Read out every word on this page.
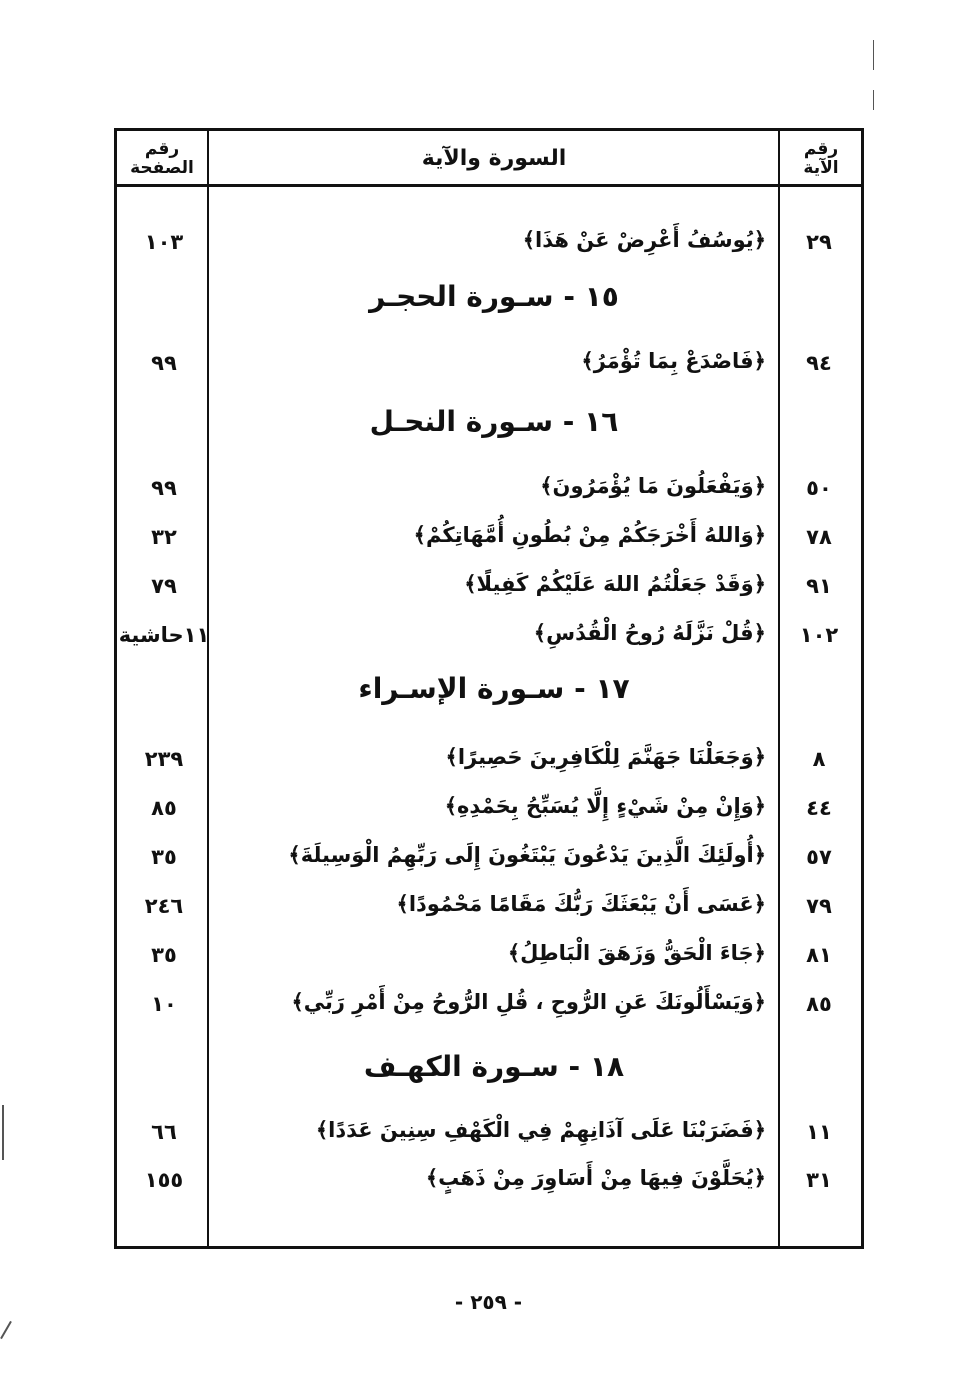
رقم
الآية
السورة والآية
رقم
الصفحة
٢٩
﴿يُوسُفُ أَعْرِضْ عَنْ هَذَا﴾
١٠٣
١٥ - سـورة الحجـر
٩٤
﴿فَاصْدَعْ بِمَا تُؤْمَرُ﴾
٩٩
١٦ - سـورة النحـل
٥٠
﴿وَيَفْعَلُونَ مَا يُؤْمَرُونَ﴾
٩٩
٧٨
﴿وَاللهُ أَخْرَجَكُمْ مِنْ بُطُونِ أُمَّهَاتِكُمْ﴾
٣٢
٩١
﴿وَقَدْ جَعَلْتُمُ اللهَ عَلَيْكُمْ كَفِيلًا﴾
٧٩
١٠٢
﴿قُلْ نَزَّلَهُ رُوحُ الْقُدُسِ﴾
١١حاشية
١٧ - سـورة الإسـراء
٨
﴿وَجَعَلْنَا جَهَنَّمَ لِلْكَافِرِينَ حَصِيرًا﴾
٢٣٩
٤٤
﴿وَإِنْ مِنْ شَيْءٍ إِلَّا يُسَبِّحُ بِحَمْدِهِ﴾
٨٥
٥٧
﴿أُولَئِكَ الَّذِينَ يَدْعُونَ يَبْتَغُونَ إِلَى رَبِّهِمُ الْوَسِيلَةَ﴾
٣٥
٧٩
﴿عَسَى أَنْ يَبْعَثَكَ رَبُّكَ مَقَامًا مَحْمُودًا﴾
٢٤٦
٨١
﴿جَاءَ الْحَقُّ وَزَهَقَ الْبَاطِلُ﴾
٣٥
٨٥
﴿وَيَسْأَلُونَكَ عَنِ الرُّوحِ ، قُلِ الرُّوحُ مِنْ أَمْرِ رَبِّي﴾
١٠
١٨ - سـورة الكهـف
١١
﴿فَضَرَبْنَا عَلَى آذَانِهِمْ فِي الْكَهْفِ سِنِينَ عَدَدًا﴾
٦٦
٣١
﴿يُحَلَّوْنَ فِيهَا مِنْ أَسَاوِرَ مِنْ ذَهَبٍ﴾
١٥٥
- ٢٥٩ -
